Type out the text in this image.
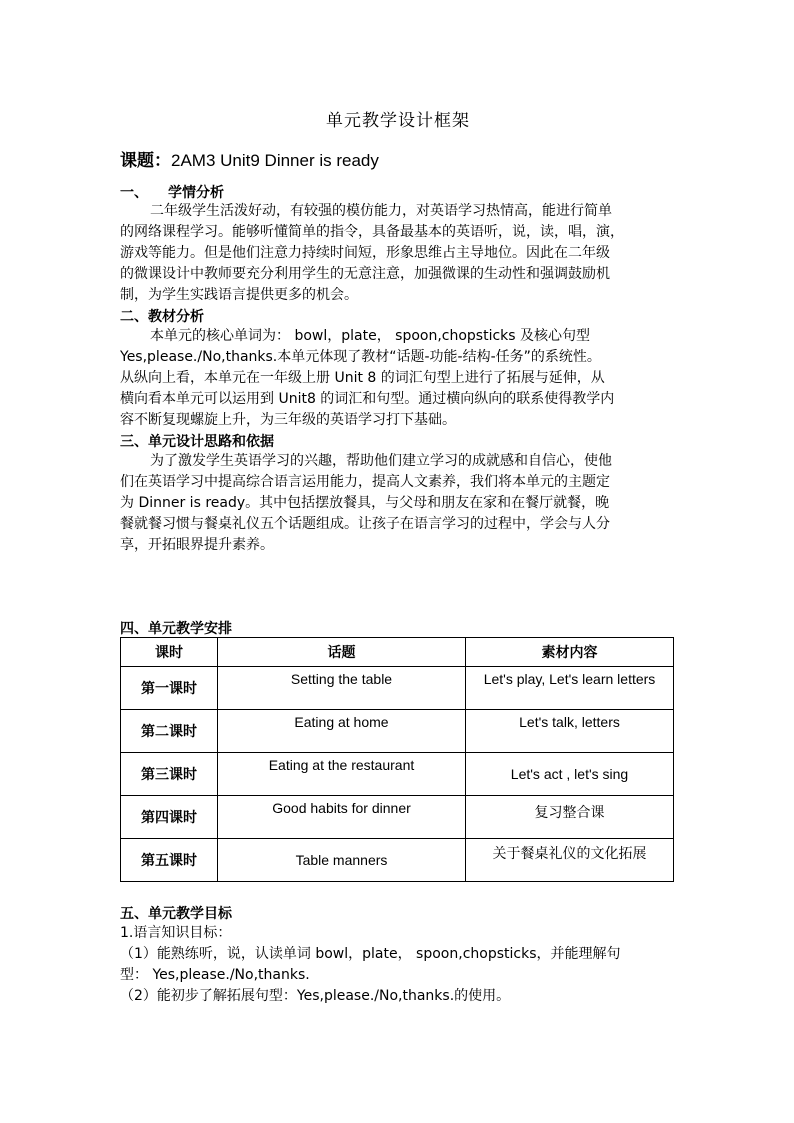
单元教学设计框架
课题：2AM3 Unit9 Dinner is ready
一、 学情分析
二年级学生活泼好动，有较强的模仿能力，对英语学习热情高，能进行简单
的网络课程学习。能够听懂简单的指令，具备最基本的英语听，说，读，唱，演，
游戏等能力。但是他们注意力持续时间短，形象思维占主导地位。因此在二年级
的微课设计中教师要充分利用学生的无意注意，加强微课的生动性和强调鼓励机
制，为学生实践语言提供更多的机会。
二、教材分析
本单元的核心单词为： bowl，plate， spoon,chopsticks 及核心句型
Yes,please./No,thanks.本单元体现了教材“话题-功能-结构-任务”的系统性。
从纵向上看，本单元在一年级上册 Unit 8 的词汇句型上进行了拓展与延伸，从
横向看本单元可以运用到 Unit8 的词汇和句型。通过横向纵向的联系使得教学内
容不断复现螺旋上升，为三年级的英语学习打下基础。
三、单元设计思路和依据
为了激发学生英语学习的兴趣，帮助他们建立学习的成就感和自信心，使他
们在英语学习中提高综合语言运用能力，提高人文素养，我们将本单元的主题定
为 Dinner is ready。其中包括摆放餐具，与父母和朋友在家和在餐厅就餐，晚
餐就餐习惯与餐桌礼仪五个话题组成。让孩子在语言学习的过程中，学会与人分
享，开拓眼界提升素养。
四、单元教学安排
课时	话题	素材内容
第一课时	Setting the table	Let's play, Let's learn letters
第二课时	Eating at home	Let's talk, letters
第三课时	Eating at the restaurant	Let's act , let's sing
第四课时	Good habits for dinner	复习整合课
第五课时	Table manners	关于餐桌礼仪的文化拓展
五、单元教学目标
1.语言知识目标：
（1）能熟练听，说，认读单词 bowl，plate， spoon,chopsticks，并能理解句
型： Yes,please./No,thanks.
（2）能初步了解拓展句型：Yes,please./No,thanks.的使用。
